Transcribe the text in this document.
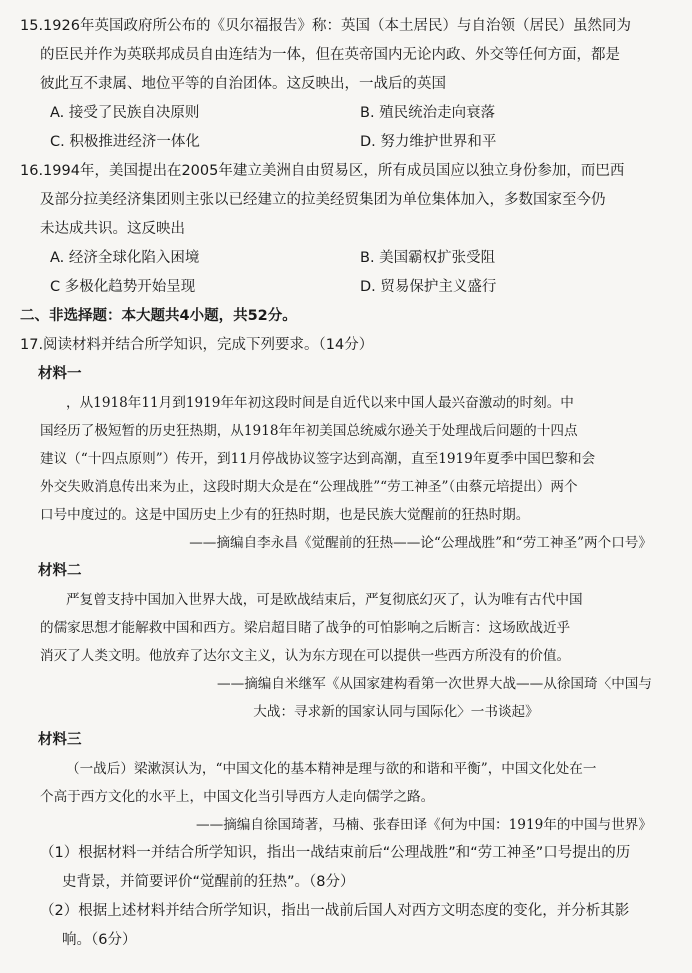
15.1926年英国政府所公布的《贝尔福报告》称：英国（本土居民）与自治领（居民）虽然同为
的臣民并作为英联邦成员自由连结为一体，但在英帝国内无论内政、外交等任何方面，都是
彼此互不隶属、地位平等的自治团体。这反映出，一战后的英国

A. 接受了民族自决原则	B. 殖民统治走向衰落
C. 积极推进经济一体化	D. 努力维护世界和平

16.1994年，美国提出在2005年建立美洲自由贸易区，所有成员国应以独立身份参加，而巴西
及部分拉美经济集团则主张以已经建立的拉美经贸集团为单位集体加入，多数国家至今仍
未达成共识。这反映出

A. 经济全球化陷入困境	B. 美国霸权扩张受阻
C 多极化趋势开始呈现	D. 贸易保护主义盛行

二、非选择题：本大题共4小题，共52分。

17.阅读材料并结合所学知识，完成下列要求。（14分）

材料一

，从1918年11月到1919年年初这段时间是自近代以来中国人最兴奋激动的时刻。中

国经历了极短暂的历史狂热期，从1918年年初美国总统威尔逊关于处理战后问题的十四点

建议（“十四点原则”）传开，到11月停战协议签字达到高潮，直至1919年夏季中国巴黎和会

外交失败消息传出来为止，这段时期大众是在“公理战胜”“劳工神圣”（由蔡元培提出）两个

口号中度过的。这是中国历史上少有的狂热时期，也是民族大觉醒前的狂热时期。

——摘编自李永昌《觉醒前的狂热——论“公理战胜”和“劳工神圣”两个口号》

材料二

严复曾支持中国加入世界大战，可是欧战结束后，严复彻底幻灭了，认为唯有古代中国

的儒家思想才能解救中国和西方。梁启超目睹了战争的可怕影响之后断言：这场欧战近乎

消灭了人类文明。他放弃了达尔文主义，认为东方现在可以提供一些西方所没有的价值。

——摘编自米继军《从国家建构看第一次世界大战——从徐国琦〈中国与

大战：寻求新的国家认同与国际化〉一书谈起》

材料三

（一战后）梁漱溟认为，“中国文化的基本精神是理与欲的和谐和平衡”，中国文化处在一

个高于西方文化的水平上，中国文化当引导西方人走向儒学之路。

——摘编自徐国琦著，马楠、张春田译《何为中国：1919年的中国与世界》

（1）根据材料一并结合所学知识，指出一战结束前后“公理战胜”和“劳工神圣”口号提出的历
史背景，并简要评价“觉醒前的狂热”。（8分）

（2）根据上述材料并结合所学知识，指出一战前后国人对西方文明态度的变化，并分析其影
响。（6分）
